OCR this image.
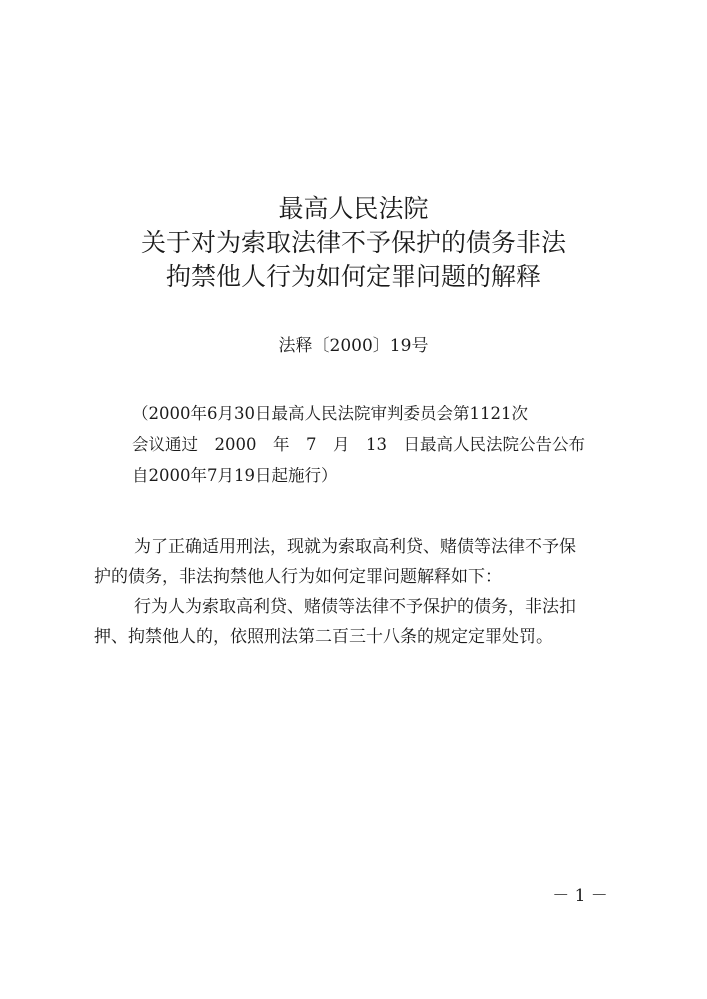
最高人民法院
关于对为索取法律不予保护的债务非法
拘禁他人行为如何定罪问题的解释
法释〔2000〕19号
（2000年6月30日最高人民法院审判委员会第1121次
会议通过　2000　年　7　月　13　日最高人民法院公告公布
自2000年7月19日起施行）
为了正确适用刑法，现就为索取高利贷、赌债等法律不予保
护的债务，非法拘禁他人行为如何定罪问题解释如下：
行为人为索取高利贷、赌债等法律不予保护的债务，非法扣
押、拘禁他人的，依照刑法第二百三十八条的规定定罪处罚。
－ 1 －
